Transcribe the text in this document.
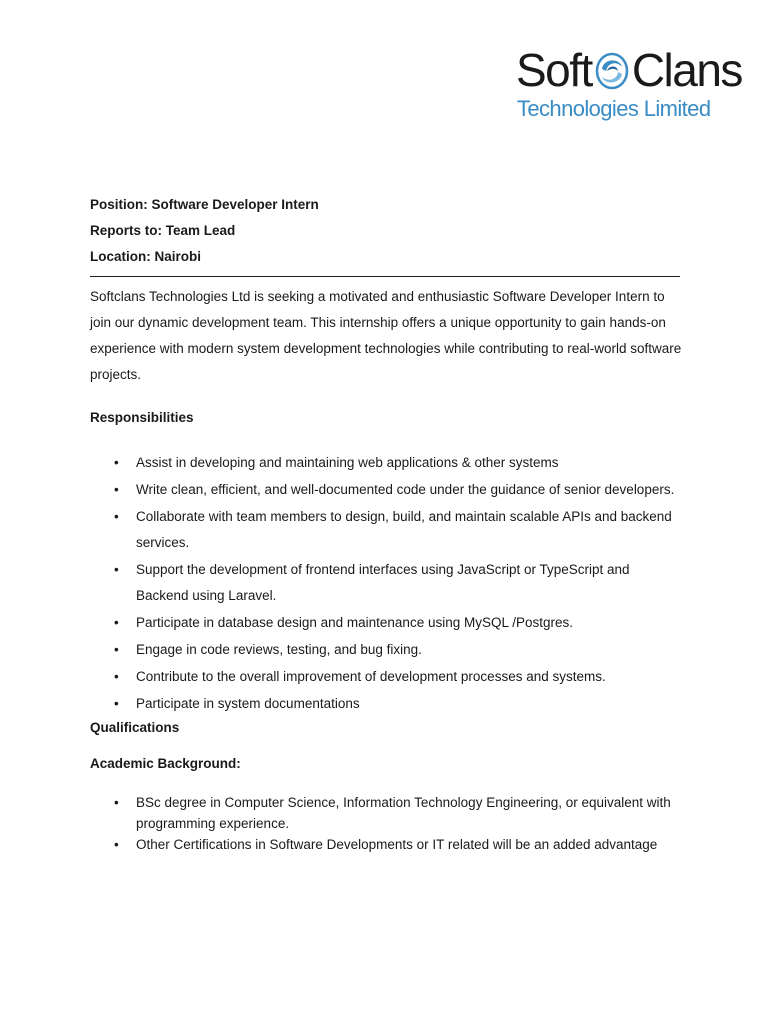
Soft Clans
Technologies Limited
Position: Software Developer Intern
Reports to: Team Lead
Location: Nairobi

Softclans Technologies Ltd is seeking a motivated and enthusiastic Software Developer Intern to join our dynamic development team. This internship offers a unique opportunity to gain hands-on experience with modern system development technologies while contributing to real-world software projects.

Responsibilities
• Assist in developing and maintaining web applications & other systems
• Write clean, efficient, and well-documented code under the guidance of senior developers.
• Collaborate with team members to design, build, and maintain scalable APIs and backend services.
• Support the development of frontend interfaces using JavaScript or TypeScript and Backend using Laravel.
• Participate in database design and maintenance using MySQL /Postgres.
• Engage in code reviews, testing, and bug fixing.
• Contribute to the overall improvement of development processes and systems.
• Participate in system documentations
Qualifications
Academic Background:
• BSc degree in Computer Science, Information Technology Engineering, or equivalent with programming experience.
• Other Certifications in Software Developments or IT related will be an added advantage
